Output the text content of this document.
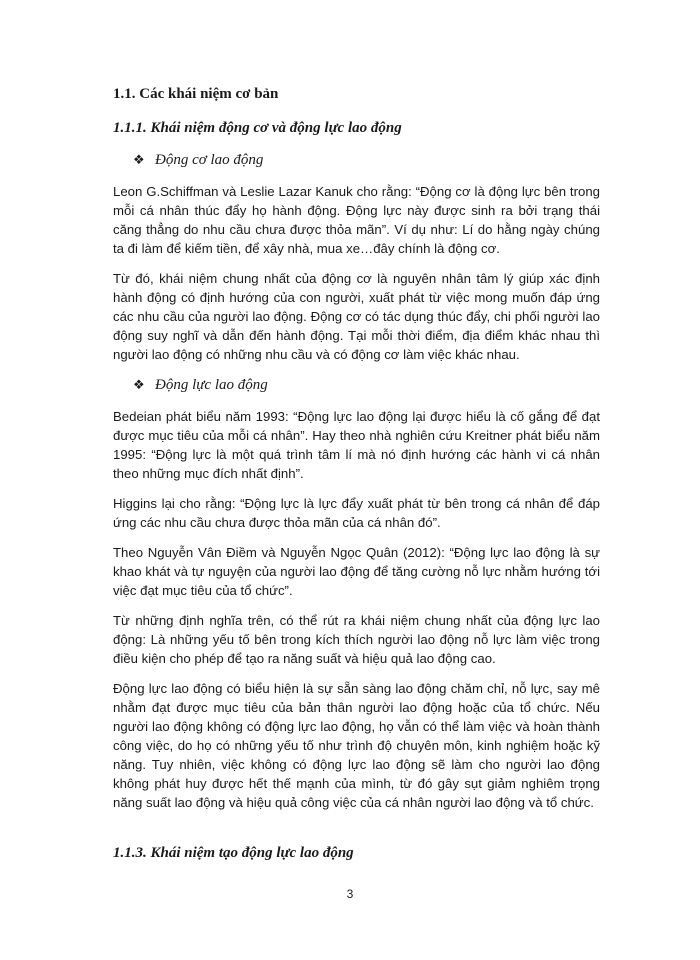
1.1. Các khái niệm cơ bản
1.1.1. Khái niệm động cơ và động lực lao động
❖ Động cơ lao động

Leon G.Schiffman và Leslie Lazar Kanuk cho rằng: “Động cơ là động lực bên trong mỗi cá nhân thúc đẩy họ hành động. Động lực này được sinh ra bởi trạng thái căng thẳng do nhu cầu chưa được thỏa mãn”. Ví dụ như: Lí do hằng ngày chúng ta đi làm để kiếm tiền, để xây nhà, mua xe…đây chính là động cơ.

Từ đó, khái niệm chung nhất của động cơ là nguyên nhân tâm lý giúp xác định hành động có định hướng của con người, xuất phát từ việc mong muốn đáp ứng các nhu cầu của người lao động. Động cơ có tác dụng thúc đẩy, chi phối người lao động suy nghĩ và dẫn đến hành động. Tại mỗi thời điểm, địa điểm khác nhau thì người lao động có những nhu cầu và có động cơ làm việc khác nhau.

❖ Động lực lao động

Bedeian phát biểu năm 1993: “Động lực lao động lại được hiểu là cố gắng để đạt được mục tiêu của mỗi cá nhân”. Hay theo nhà nghiên cứu Kreitner phát biểu năm 1995: “Động lực là một quá trình tâm lí mà nó định hướng các hành vi cá nhân theo những mục đích nhất định”.

Higgins lại cho rằng: “Động lực là lực đẩy xuất phát từ bên trong cá nhân để đáp ứng các nhu cầu chưa được thỏa mãn của cá nhân đó”.

Theo Nguyễn Vân Điềm và Nguyễn Ngọc Quân (2012): “Động lực lao động là sự khao khát và tự nguyện của người lao động để tăng cường nỗ lực nhằm hướng tới việc đạt mục tiêu của tổ chức”.

Từ những định nghĩa trên, có thể rút ra khái niệm chung nhất của động lực lao động: Là những yếu tố bên trong kích thích người lao động nỗ lực làm việc trong điều kiện cho phép để tạo ra năng suất và hiệu quả lao động cao.

Động lực lao động có biểu hiện là sự sẵn sàng lao động chăm chỉ, nỗ lực, say mê nhằm đạt được mục tiêu của bản thân người lao động hoặc của tổ chức. Nếu người lao động không có động lực lao động, họ vẫn có thể làm việc và hoàn thành công việc, do họ có những yếu tố như trình độ chuyên môn, kinh nghiệm hoặc kỹ năng. Tuy nhiên, việc không có động lực lao động sẽ làm cho người lao động không phát huy được hết thế mạnh của mình, từ đó gây sụt giảm nghiêm trọng năng suất lao động và hiệu quả công việc của cá nhân người lao động và tổ chức.

1.1.3. Khái niệm tạo động lực lao động
3
